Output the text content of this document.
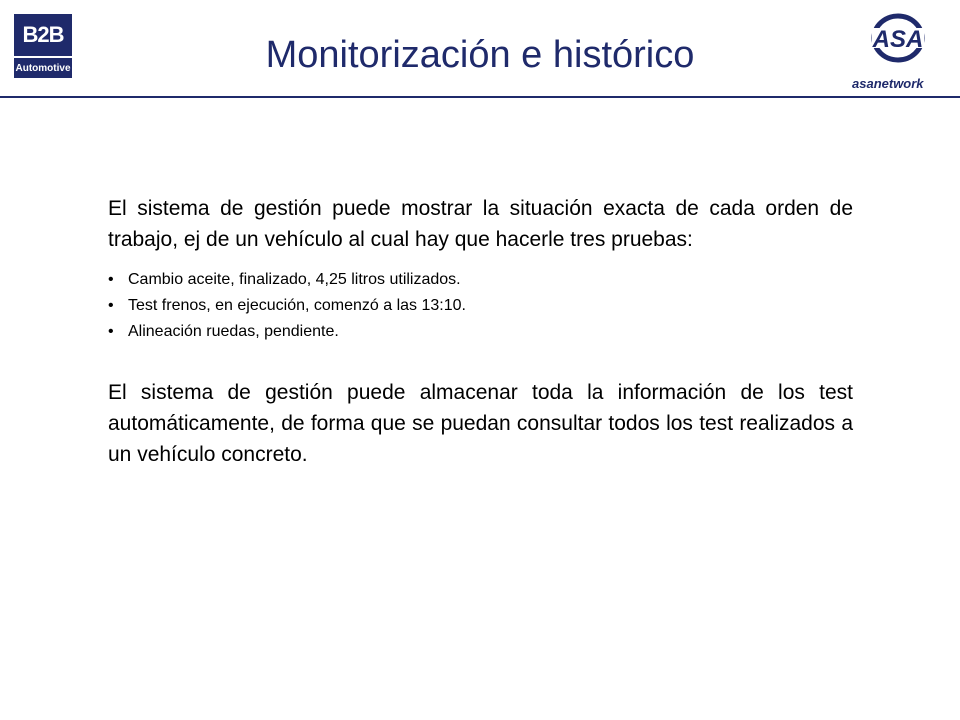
B2B
Automotive	Monitorización e histórico	ASA
asanetwork

El sistema de gestión puede mostrar la situación exacta de cada orden de trabajo, ej de un vehículo al cual hay que hacerle tres pruebas:

• Cambio aceite, finalizado, 4,25 litros utilizados.
• Test frenos, en ejecución, comenzó a las 13:10.
• Alineación ruedas, pendiente.

El sistema de gestión puede almacenar toda la información de los test automáticamente, de forma que se puedan consultar todos los test realizados a un vehículo concreto.
